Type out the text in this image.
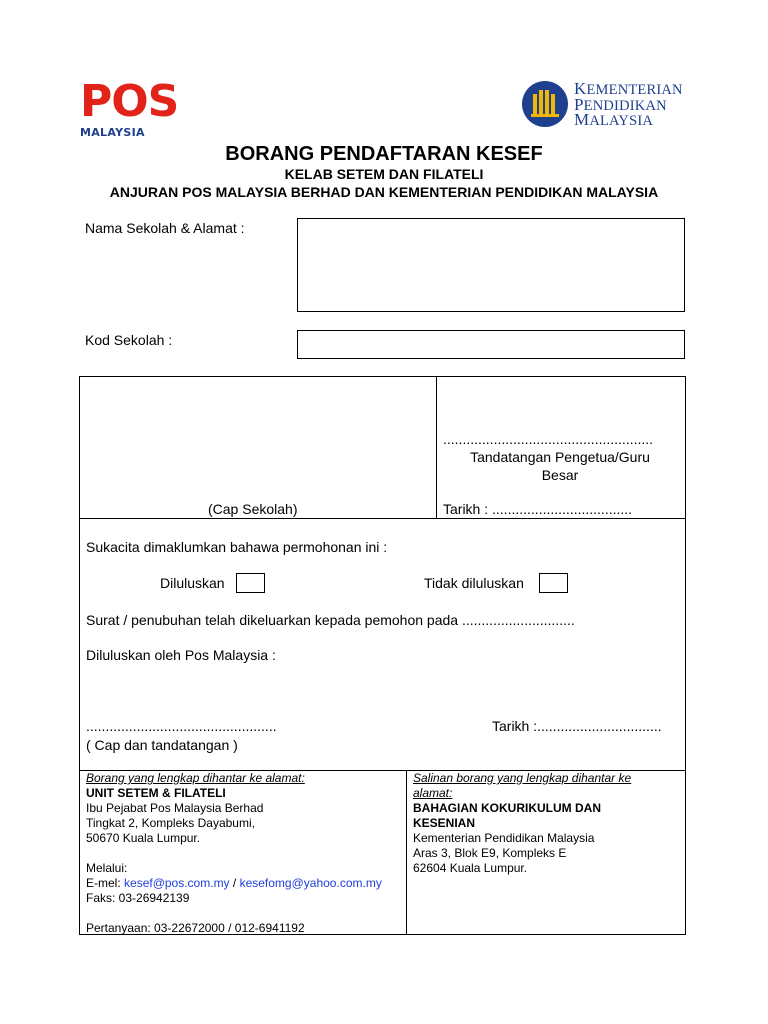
POS
MALAYSIA
KEMENTERIAN
PENDIDIKAN
MALAYSIA
BORANG PENDAFTARAN KESEF
KELAB SETEM DAN FILATELI
ANJURAN POS MALAYSIA BERHAD DAN KEMENTERIAN PENDIDIKAN MALAYSIA
Nama Sekolah & Alamat :
Kod Sekolah :
(Cap Sekolah)
......................................................
Tandatangan Pengetua/Guru
Besar
Tarikh : ....................................
Sukacita dimaklumkan bahawa permohonan ini :
Diluluskan	Tidak diluluskan
Surat / penubuhan telah dikeluarkan kepada pemohon pada .............................
Diluluskan oleh Pos Malaysia :
.................................................
( Cap dan tandatangan )
Tarikh :................................
Borang yang lengkap dihantar ke alamat:
UNIT SETEM & FILATELI
Ibu Pejabat Pos Malaysia Berhad
Tingkat 2, Kompleks Dayabumi,
50670 Kuala Lumpur.
Melalui:
E-mel: kesef@pos.com.my / kesefomg@yahoo.com.my
Faks: 03-26942139
Pertanyaan: 03-22672000 / 012-6941192
Salinan borang yang lengkap dihantar ke
alamat:
BAHAGIAN KOKURIKULUM DAN
KESENIAN
Kementerian Pendidikan Malaysia
Aras 3, Blok E9, Kompleks E
62604 Kuala Lumpur.
